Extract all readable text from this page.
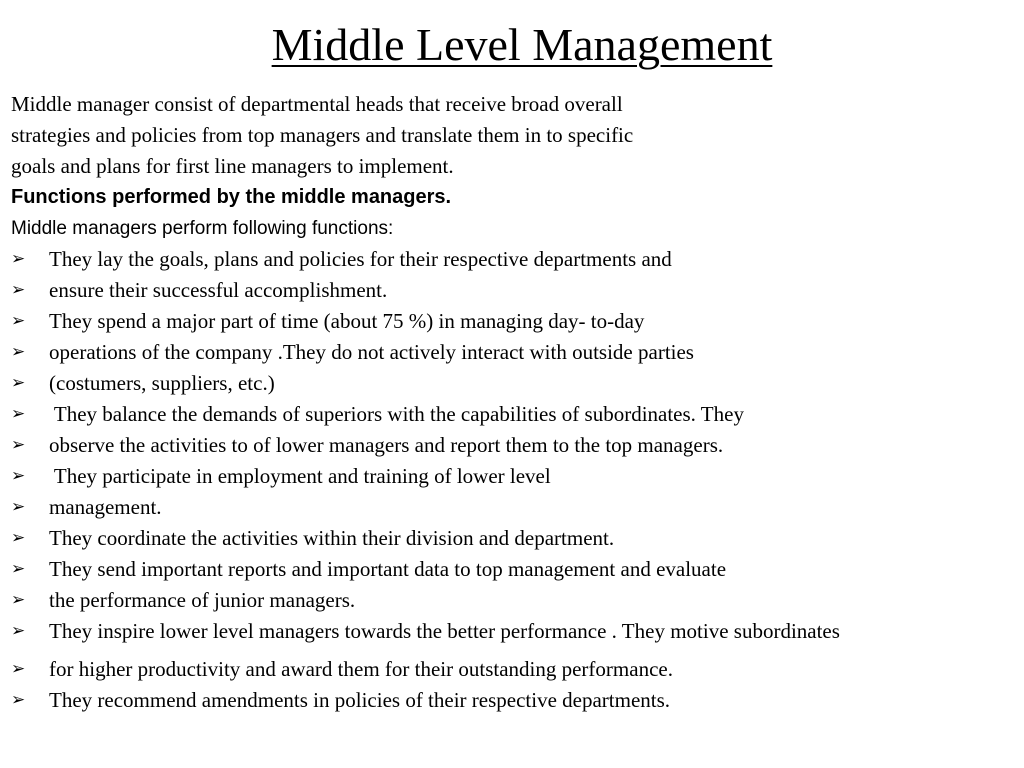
Middle Level Management
Middle manager consist of departmental heads that receive broad overall
strategies and policies from top managers and translate them in to specific
goals and plans for first line managers to implement.
Functions performed by the middle managers.
Middle managers perform following functions:
➢ They lay the goals, plans and policies for their respective departments and
➢ ensure their successful accomplishment.
➢ They spend a major part of time (about 75 %) in managing day- to-day
➢ operations of the company .They do not actively interact with outside parties
➢ (costumers, suppliers, etc.)
➢ They balance the demands of superiors with the capabilities of subordinates. They
➢ observe the activities to of lower managers and report them to the top managers.
➢ They participate in employment and training of lower level
➢ management.
➢ They coordinate the activities within their division and department.
➢ They send important reports and important data to top management and evaluate
➢ the performance of junior managers.
➢ They inspire lower level managers towards the better performance . They motive subordinates
➢ for higher productivity and award them for their outstanding performance.
➢ They recommend amendments in policies of their respective departments.
